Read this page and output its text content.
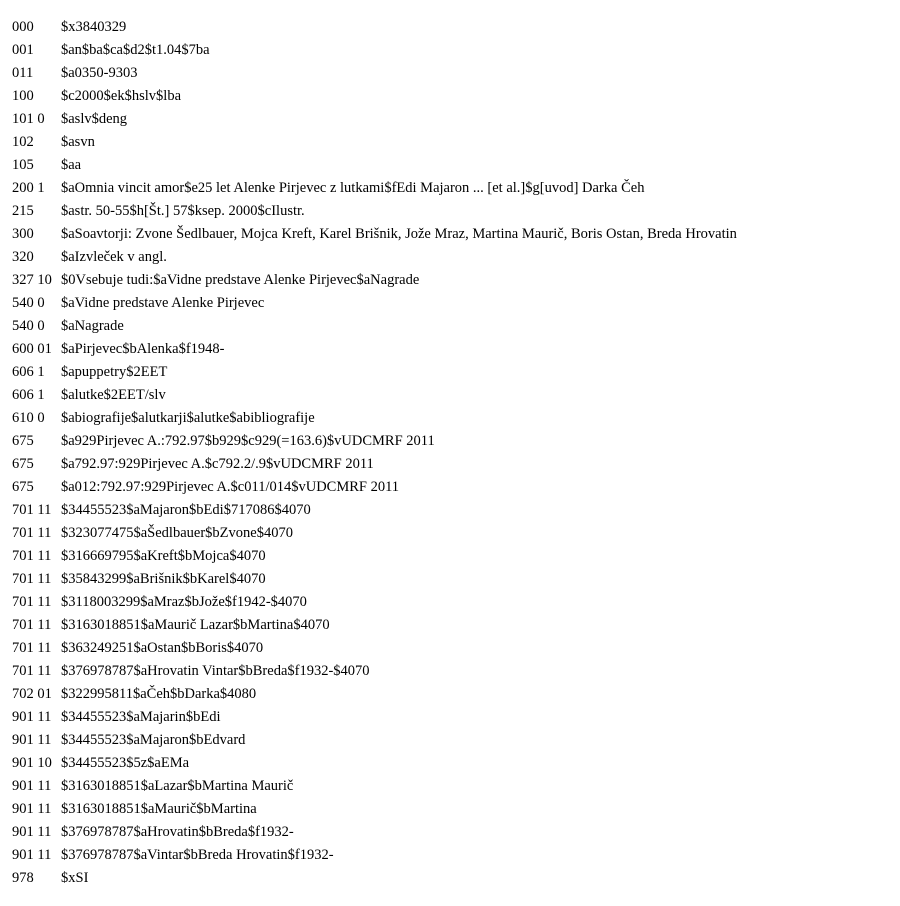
000 $x3840329
001 $an$ba$ca$d2$t1.04$7ba
011 $a0350-9303
100 $c2000$ek$hslv$lba
101 0 $aslv$deng
102 $asvn
105 $aa
200 1 $aOmnia vincit amor$e25 let Alenke Pirjevec z lutkami$fEdi Majaron ... [et al.]$g[uvod] Darka Čeh
215 $astr. 50-55$h[Št.] 57$ksep. 2000$cIlustr.
300 $aSoavtorji: Zvone Šedlbauer, Mojca Kreft, Karel Brišnik, Jože Mraz, Martina Maurič, Boris Ostan, Breda Hrovatin
320 $aIzvleček v angl.
327 10 $0Vsebuje tudi:$aVidne predstave Alenke Pirjevec$aNagrade
540 0 $aVidne predstave Alenke Pirjevec
540 0 $aNagrade
600 01 $aPirjevec$bAlenka$f1948-
606 1 $apuppetry$2EET
606 1 $alutke$2EET/slv
610 0 $abiografije$alutkarji$alutke$abibliografije
675 $a929Pirjevec A.:792.97$b929$c929(=163.6)$vUDCMRF 2011
675 $a792.97:929Pirjevec A.$c792.2/.9$vUDCMRF 2011
675 $a012:792.97:929Pirjevec A.$c011/014$vUDCMRF 2011
701 11 $34455523$aMajaron$bEdi$717086$4070
701 11 $323077475$aŠedlbauer$bZvone$4070
701 11 $316669795$aKreft$bMojca$4070
701 11 $35843299$aBrišnik$bKarel$4070
701 11 $3118003299$aMraz$bJože$f1942-$4070
701 11 $3163018851$aMaurič Lazar$bMartina$4070
701 11 $363249251$aOstan$bBoris$4070
701 11 $376978787$aHrovatin Vintar$bBreda$f1932-$4070
702 01 $322995811$aČeh$bDarka$4080
901 11 $34455523$aMajarin$bEdi
901 11 $34455523$aMajaron$bEdvard
901 10 $34455523$5z$aEMa
901 11 $3163018851$aLazar$bMartina Maurič
901 11 $3163018851$aMaurič$bMartina
901 11 $376978787$aHrovatin$bBreda$f1932-
901 11 $376978787$aVintar$bBreda Hrovatin$f1932-
978 $xSI
